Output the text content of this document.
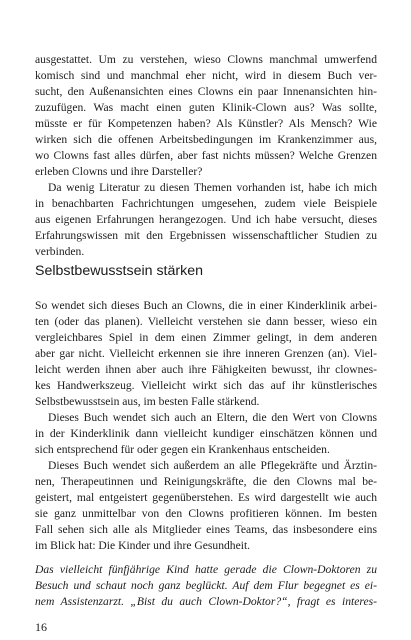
ausgestattet. Um zu verstehen, wieso Clowns manchmal umwerfend
komisch sind und manchmal eher nicht, wird in diesem Buch ver-
sucht, den Außenansichten eines Clowns ein paar Innenansichten hin-
zuzufügen. Was macht einen guten Klinik-Clown aus? Was sollte,
müsste er für Kompetenzen haben? Als Künstler? Als Mensch? Wie
wirken sich die offenen Arbeitsbedingungen im Krankenzimmer aus,
wo Clowns fast alles dürfen, aber fast nichts müssen? Welche Grenzen
erleben Clowns und ihre Darsteller?
Da wenig Literatur zu diesen Themen vorhanden ist, habe ich mich
in benachbarten Fachrichtungen umgesehen, zudem viele Beispiele
aus eigenen Erfahrungen herangezogen. Und ich habe versucht, dieses
Erfahrungswissen mit den Ergebnissen wissenschaftlicher Studien zu
verbinden.
Selbstbewusstsein stärken
So wendet sich dieses Buch an Clowns, die in einer Kinderklinik arbei-
ten (oder das planen). Vielleicht verstehen sie dann besser, wieso ein
vergleichbares Spiel in dem einen Zimmer gelingt, in dem anderen
aber gar nicht. Vielleicht erkennen sie ihre inneren Grenzen (an). Viel-
leicht werden ihnen aber auch ihre Fähigkeiten bewusst, ihr clownes-
kes Handwerkszeug. Vielleicht wirkt sich das auf ihr künstlerisches
Selbstbewusstsein aus, im besten Falle stärkend.
Dieses Buch wendet sich auch an Eltern, die den Wert von Clowns
in der Kinderklinik dann vielleicht kundiger einschätzen können und
sich entsprechend für oder gegen ein Krankenhaus entscheiden.
Dieses Buch wendet sich außerdem an alle Pflegekräfte und Ärztin-
nen, Therapeutinnen und Reinigungskräfte, die den Clowns mal be-
geistert, mal entgeistert gegenüberstehen. Es wird dargestellt wie auch
sie ganz unmittelbar von den Clowns profitieren können. Im besten
Fall sehen sich alle als Mitglieder eines Teams, das insbesondere eins
im Blick hat: Die Kinder und ihre Gesundheit.
Das vielleicht fünfjährige Kind hatte gerade die Clown-Doktoren zu
Besuch und schaut noch ganz beglückt. Auf dem Flur begegnet es ei-
nem Assistenzarzt. „Bist du auch Clown-Doktor?“, fragt es interes-
16
